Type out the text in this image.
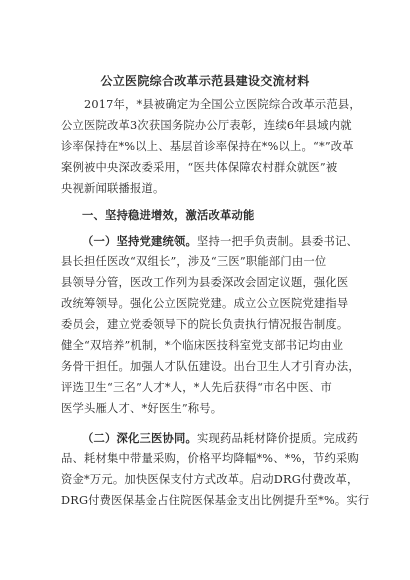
公立医院综合改革示范县建设交流材料
2017年，*县被确定为全国公立医院综合改革示范县，
公立医院改革3次获国务院办公厅表彰，连续6年县域内就
诊率保持在*%以上、基层首诊率保持在*%以上。“*”改革
案例被中央深改委采用，“医共体保障农村群众就医”被
央视新闻联播报道。
一、坚持稳进增效，激活改革动能
（一）坚持党建统领。坚持一把手负责制。县委书记、
县长担任医改“双组长”，涉及“三医”职能部门由一位
县领导分管，医改工作列为县委深改会固定议题，强化医
改统筹领导。强化公立医院党建。成立公立医院党建指导
委员会，建立党委领导下的院长负责执行情况报告制度。
健全“双培养”机制，*个临床医技科室党支部书记均由业
务骨干担任。加强人才队伍建设。出台卫生人才引育办法，
评选卫生“三名”人才*人，*人先后获得“市名中医、市
医学头雁人才、*好医生”称号。
（二）深化三医协同。实现药品耗材降价提质。完成药
品、耗材集中带量采购，价格平均降幅*%、*%，节约采购
资金*万元。加快医保支付方式改革。启动DRG付费改革，
DRG付费医保基金占住院医保基金支出比例提升至*%。实行
